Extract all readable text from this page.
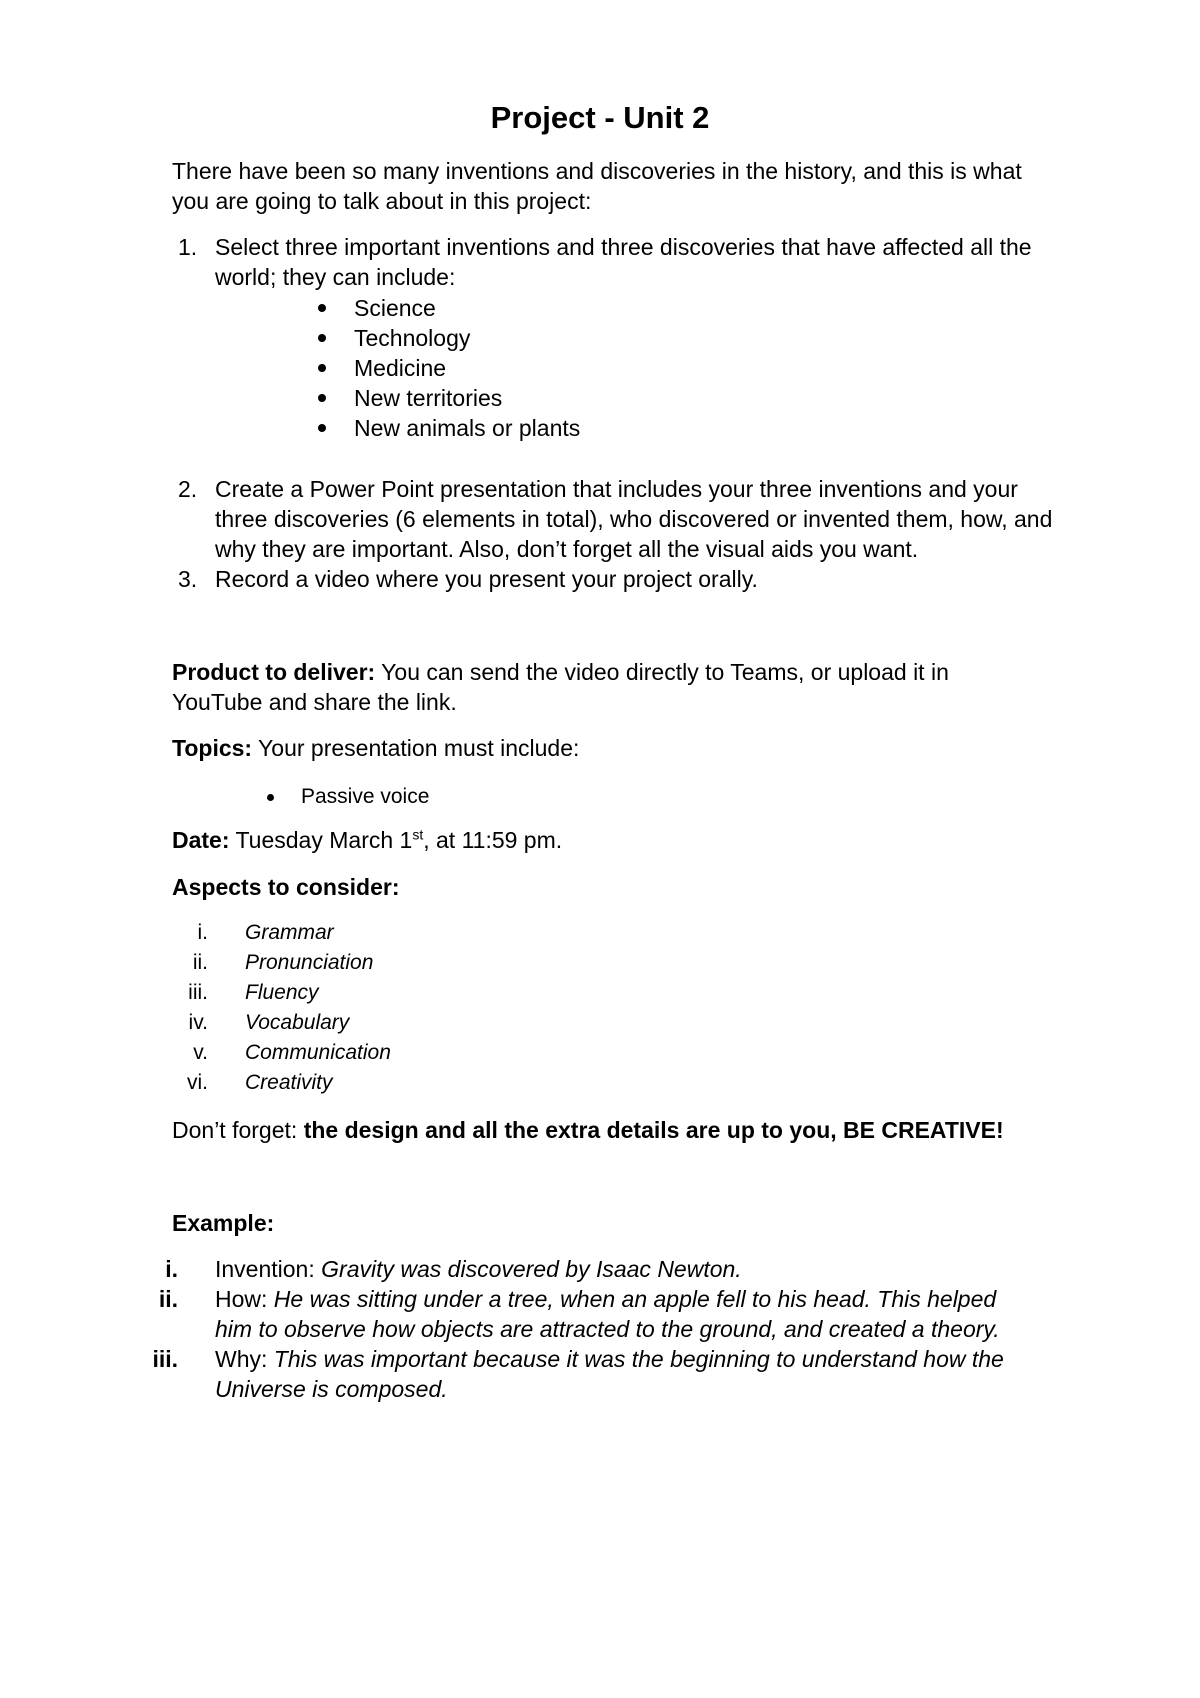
Project - Unit 2
There have been so many inventions and discoveries in the history, and this is what
you are going to talk about in this project:
1. Select three important inventions and three discoveries that have affected all the
world; they can include:
Science
Technology
Medicine
New territories
New animals or plants
2. Create a Power Point presentation that includes your three inventions and your
three discoveries (6 elements in total), who discovered or invented them, how, and
why they are important. Also, don’t forget all the visual aids you want.
3. Record a video where you present your project orally.
Product to deliver: You can send the video directly to Teams, or upload it in
YouTube and share the link.
Topics: Your presentation must include:
Passive voice
Date: Tuesday March 1st, at 11:59 pm.
Aspects to consider:
i. Grammar
ii. Pronunciation
iii. Fluency
iv. Vocabulary
v. Communication
vi. Creativity
Don’t forget: the design and all the extra details are up to you, BE CREATIVE!
Example:
i. Invention: Gravity was discovered by Isaac Newton.
ii. How: He was sitting under a tree, when an apple fell to his head. This helped
him to observe how objects are attracted to the ground, and created a theory.
iii. Why: This was important because it was the beginning to understand how the
Universe is composed.
